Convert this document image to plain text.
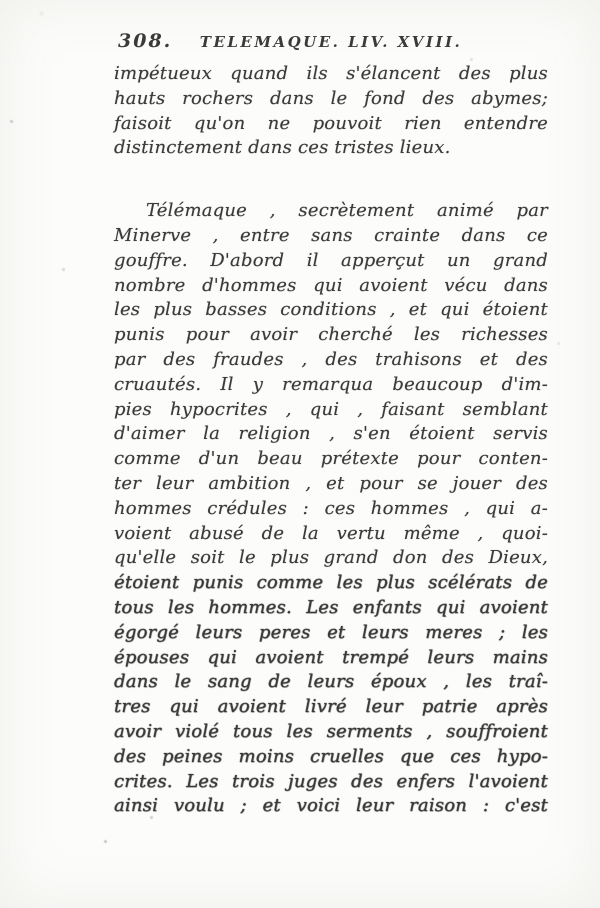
308.	TELEMAQUE. LIV. XVIII.
impétueux quand ils s'élancent des plus
hauts rochers dans le fond des abymes;
faisoit qu'on ne pouvoit rien entendre
distinctement dans ces tristes lieux.
Télémaque , secrètement animé par
Minerve , entre sans crainte dans ce
gouffre. D'abord il apperçut un grand
nombre d'hommes qui avoient vécu dans
les plus basses conditions , et qui étoient
punis pour avoir cherché les richesses
par des fraudes , des trahisons et des
cruautés. Il y remarqua beaucoup d'im-
pies hypocrites , qui , faisant semblant
d'aimer la religion , s'en étoient servis
comme d'un beau prétexte pour conten-
ter leur ambition , et pour se jouer des
hommes crédules : ces hommes , qui a-
voient abusé de la vertu même , quoi-
qu'elle soit le plus grand don des Dieux,
étoient punis comme les plus scélérats de
tous les hommes. Les enfants qui avoient
égorgé leurs peres et leurs meres ; les
épouses qui avoient trempé leurs mains
dans le sang de leurs époux , les traî-
tres qui avoient livré leur patrie après
avoir violé tous les serments , souffroient
des peines moins cruelles que ces hypo-
crites. Les trois juges des enfers l'avoient
ainsi voulu ; et voici leur raison : c'est
